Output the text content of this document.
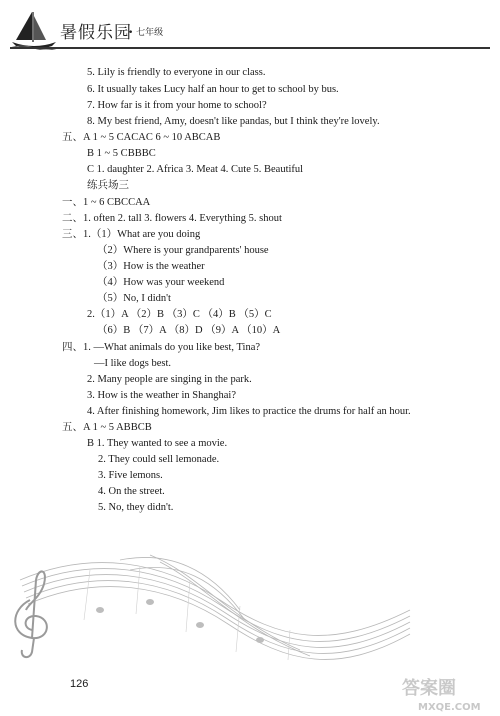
暑假乐园
• 七年级
5. Lily is friendly to everyone in our class.
6. It usually takes Lucy half an hour to get to school by bus.
7. How far is it from your home to school?
8. My best friend, Amy, doesn't like pandas, but I think they're lovely.
五、A 1 ~ 5 CACAC 6 ~ 10 ABCAB
B 1 ~ 5 CBBBC
C 1. daughter 2. Africa 3. Meat 4. Cute 5. Beautiful
练兵场三
一、1 ~ 6 CBCCAA
二、1. often 2. tall 3. flowers 4. Everything 5. shout
三、1.（1）What are you doing
（2）Where is your grandparents' house
（3）How is the weather
（4）How was your weekend
（5）No, I didn't
2.（1）A （2）B （3）C （4）B （5）C
（6）B （7）A （8）D （9）A （10）A
四、1. —What animals do you like best, Tina?
—I like dogs best.
2. Many people are singing in the park.
3. How is the weather in Shanghai?
4. After finishing homework, Jim likes to practice the drums for half an hour.
五、A 1 ~ 5 ABBCB
B 1. They wanted to see a movie.
2. They could sell lemonade.
3. Five lemons.
4. On the street.
5. No, they didn't.
126	答案圈
MXQE.COM
